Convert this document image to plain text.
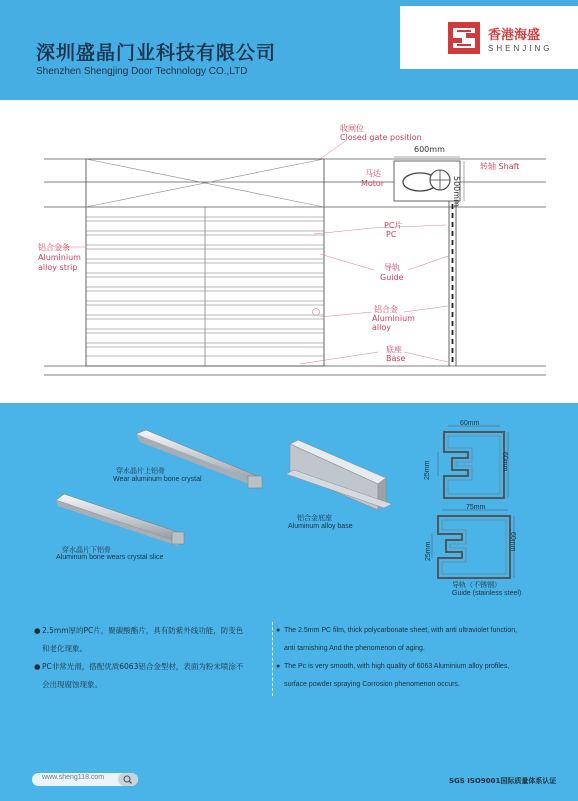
深圳盛晶门业科技有限公司
Shenzhen Shengjing Door Technology CO.,LTD
香港海盛
SHENJING
收闸位
Closed gate position
600mm
500mm
马达
Motor
转轴 Shaft
PC片
PC
导轨
Guide
铝合金
Aluminium
alloy
底座
Base
铝合金条
Aluminium
alloy strip
穿水晶片上铝骨
Wear aluminum bone crystal
穿水晶片下铝骨
Aluminum bone wears crystal slice
铝合金底座
Aluminum alloy base
60mm
25mm	60mm
75mm
25mm	60mm
导轨（不锈钢）
Guide (stainless steel)
● 2.5mm厚的PC片，聚碳酸酯片，具有防紫外线功能，防变色
和老化现象。
● PC非常光滑，搭配优质6063铝合金型材，表面为粉末喷涂不
会出现腐蚀现象。
● The 2.5mm PC film, thick polycarbonate sheet, with anti ultraviolet function,
anti tarnishing And the phenomenon of aging.
● The Pc is very smooth, with high quality of 6063 Aluminium alloy profiles,
surface powder spraying Corrosion phenomenon occurs.
www.sheng118.com	SGS ISO9001国际质量体系认证
